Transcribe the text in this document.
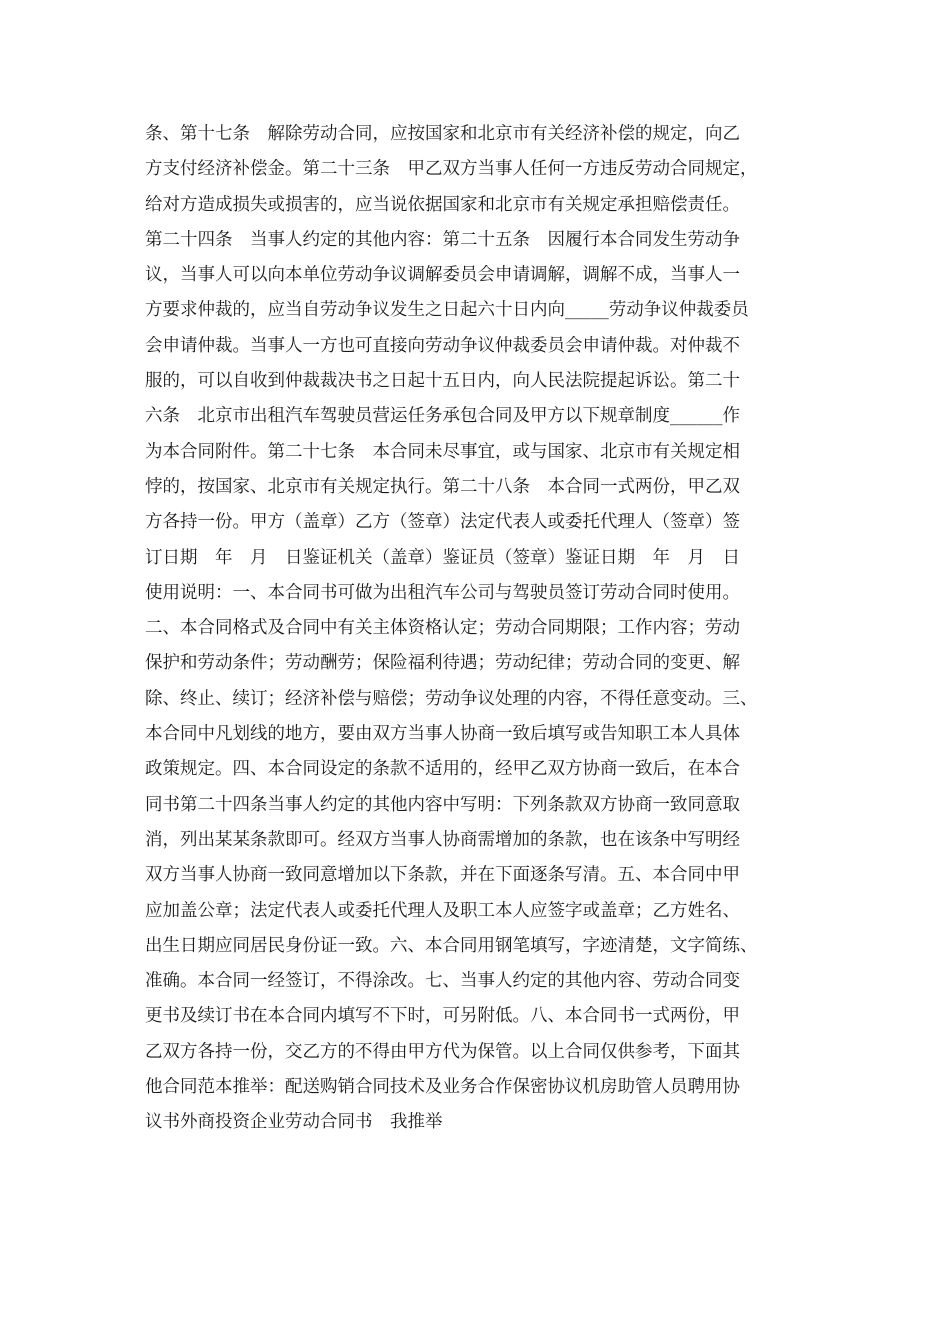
条、第十七条　解除劳动合同，应按国家和北京市有关经济补偿的规定，向乙
方支付经济补偿金。第二十三条　甲乙双方当事人任何一方违反劳动合同规定，
给对方造成损失或损害的，应当说依据国家和北京市有关规定承担赔偿责任。
第二十四条　当事人约定的其他内容：第二十五条　因履行本合同发生劳动争
议，当事人可以向本单位劳动争议调解委员会申请调解，调解不成，当事人一
方要求仲裁的，应当自劳动争议发生之日起六十日内向_____劳动争议仲裁委员
会申请仲裁。当事人一方也可直接向劳动争议仲裁委员会申请仲裁。对仲裁不
服的，可以自收到仲裁裁决书之日起十五日内，向人民法院提起诉讼。第二十
六条　北京市出租汽车驾驶员营运任务承包合同及甲方以下规章制度______作
为本合同附件。第二十七条　本合同未尽事宜，或与国家、北京市有关规定相
悖的，按国家、北京市有关规定执行。第二十八条　本合同一式两份，甲乙双
方各持一份。甲方（盖章）乙方（签章）法定代表人或委托代理人（签章）签
订日期　年　月　日鉴证机关（盖章）鉴证员（签章）鉴证日期　年　月　日
使用说明：一、本合同书可做为出租汽车公司与驾驶员签订劳动合同时使用。
二、本合同格式及合同中有关主体资格认定；劳动合同期限；工作内容；劳动
保护和劳动条件；劳动酬劳；保险福利待遇；劳动纪律；劳动合同的变更、解
除、终止、续订；经济补偿与赔偿；劳动争议处理的内容，不得任意变动。三、
本合同中凡划线的地方，要由双方当事人协商一致后填写或告知职工本人具体
政策规定。四、本合同设定的条款不适用的，经甲乙双方协商一致后，在本合
同书第二十四条当事人约定的其他内容中写明：下列条款双方协商一致同意取
消，列出某某条款即可。经双方当事人协商需增加的条款，也在该条中写明经
双方当事人协商一致同意增加以下条款，并在下面逐条写清。五、本合同中甲
应加盖公章；法定代表人或委托代理人及职工本人应签字或盖章；乙方姓名、
出生日期应同居民身份证一致。六、本合同用钢笔填写，字迹清楚，文字简练、
准确。本合同一经签订，不得涂改。七、当事人约定的其他内容、劳动合同变
更书及续订书在本合同内填写不下时，可另附低。八、本合同书一式两份，甲
乙双方各持一份，交乙方的不得由甲方代为保管。以上合同仅供参考，下面其
他合同范本推举：配送购销合同技术及业务合作保密协议机房助管人员聘用协
议书外商投资企业劳动合同书　我推举
